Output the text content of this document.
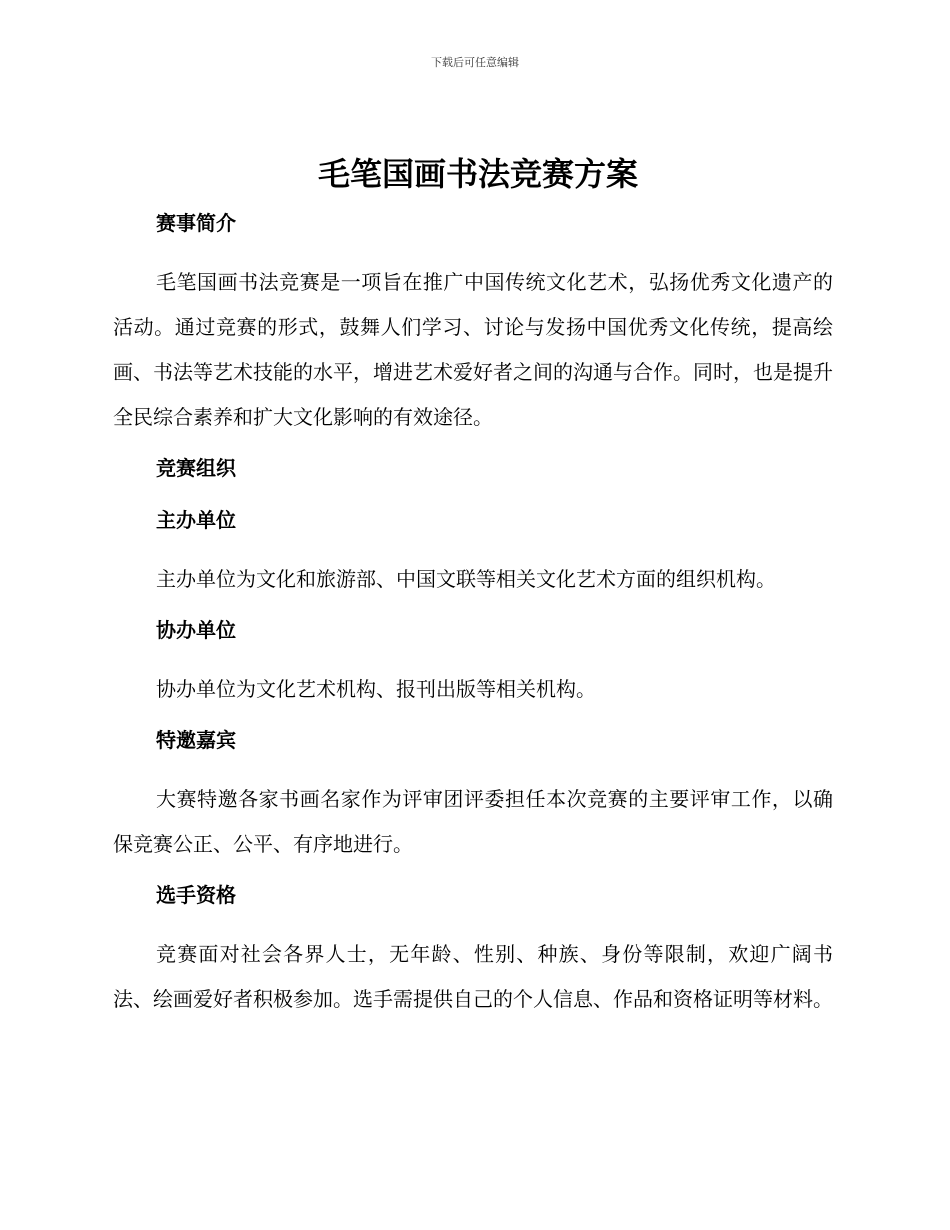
下载后可任意编辑
毛笔国画书法竞赛方案
赛事简介

毛笔国画书法竞赛是一项旨在推广中国传统文化艺术，弘扬优秀文化遗产的活动。通过竞赛的形式，鼓舞人们学习、讨论与发扬中国优秀文化传统，提高绘画、书法等艺术技能的水平，增进艺术爱好者之间的沟通与合作。同时，也是提升全民综合素养和扩大文化影响的有效途径。

竞赛组织
主办单位

主办单位为文化和旅游部、中国文联等相关文化艺术方面的组织机构。

协办单位

协办单位为文化艺术机构、报刊出版等相关机构。

特邀嘉宾

大赛特邀各家书画名家作为评审团评委担任本次竞赛的主要评审工作，以确保竞赛公正、公平、有序地进行。

选手资格

竞赛面对社会各界人士，无年龄、性别、种族、身份等限制，欢迎广阔书法、绘画爱好者积极参加。选手需提供自己的个人信息、作品和资格证明等材料。
